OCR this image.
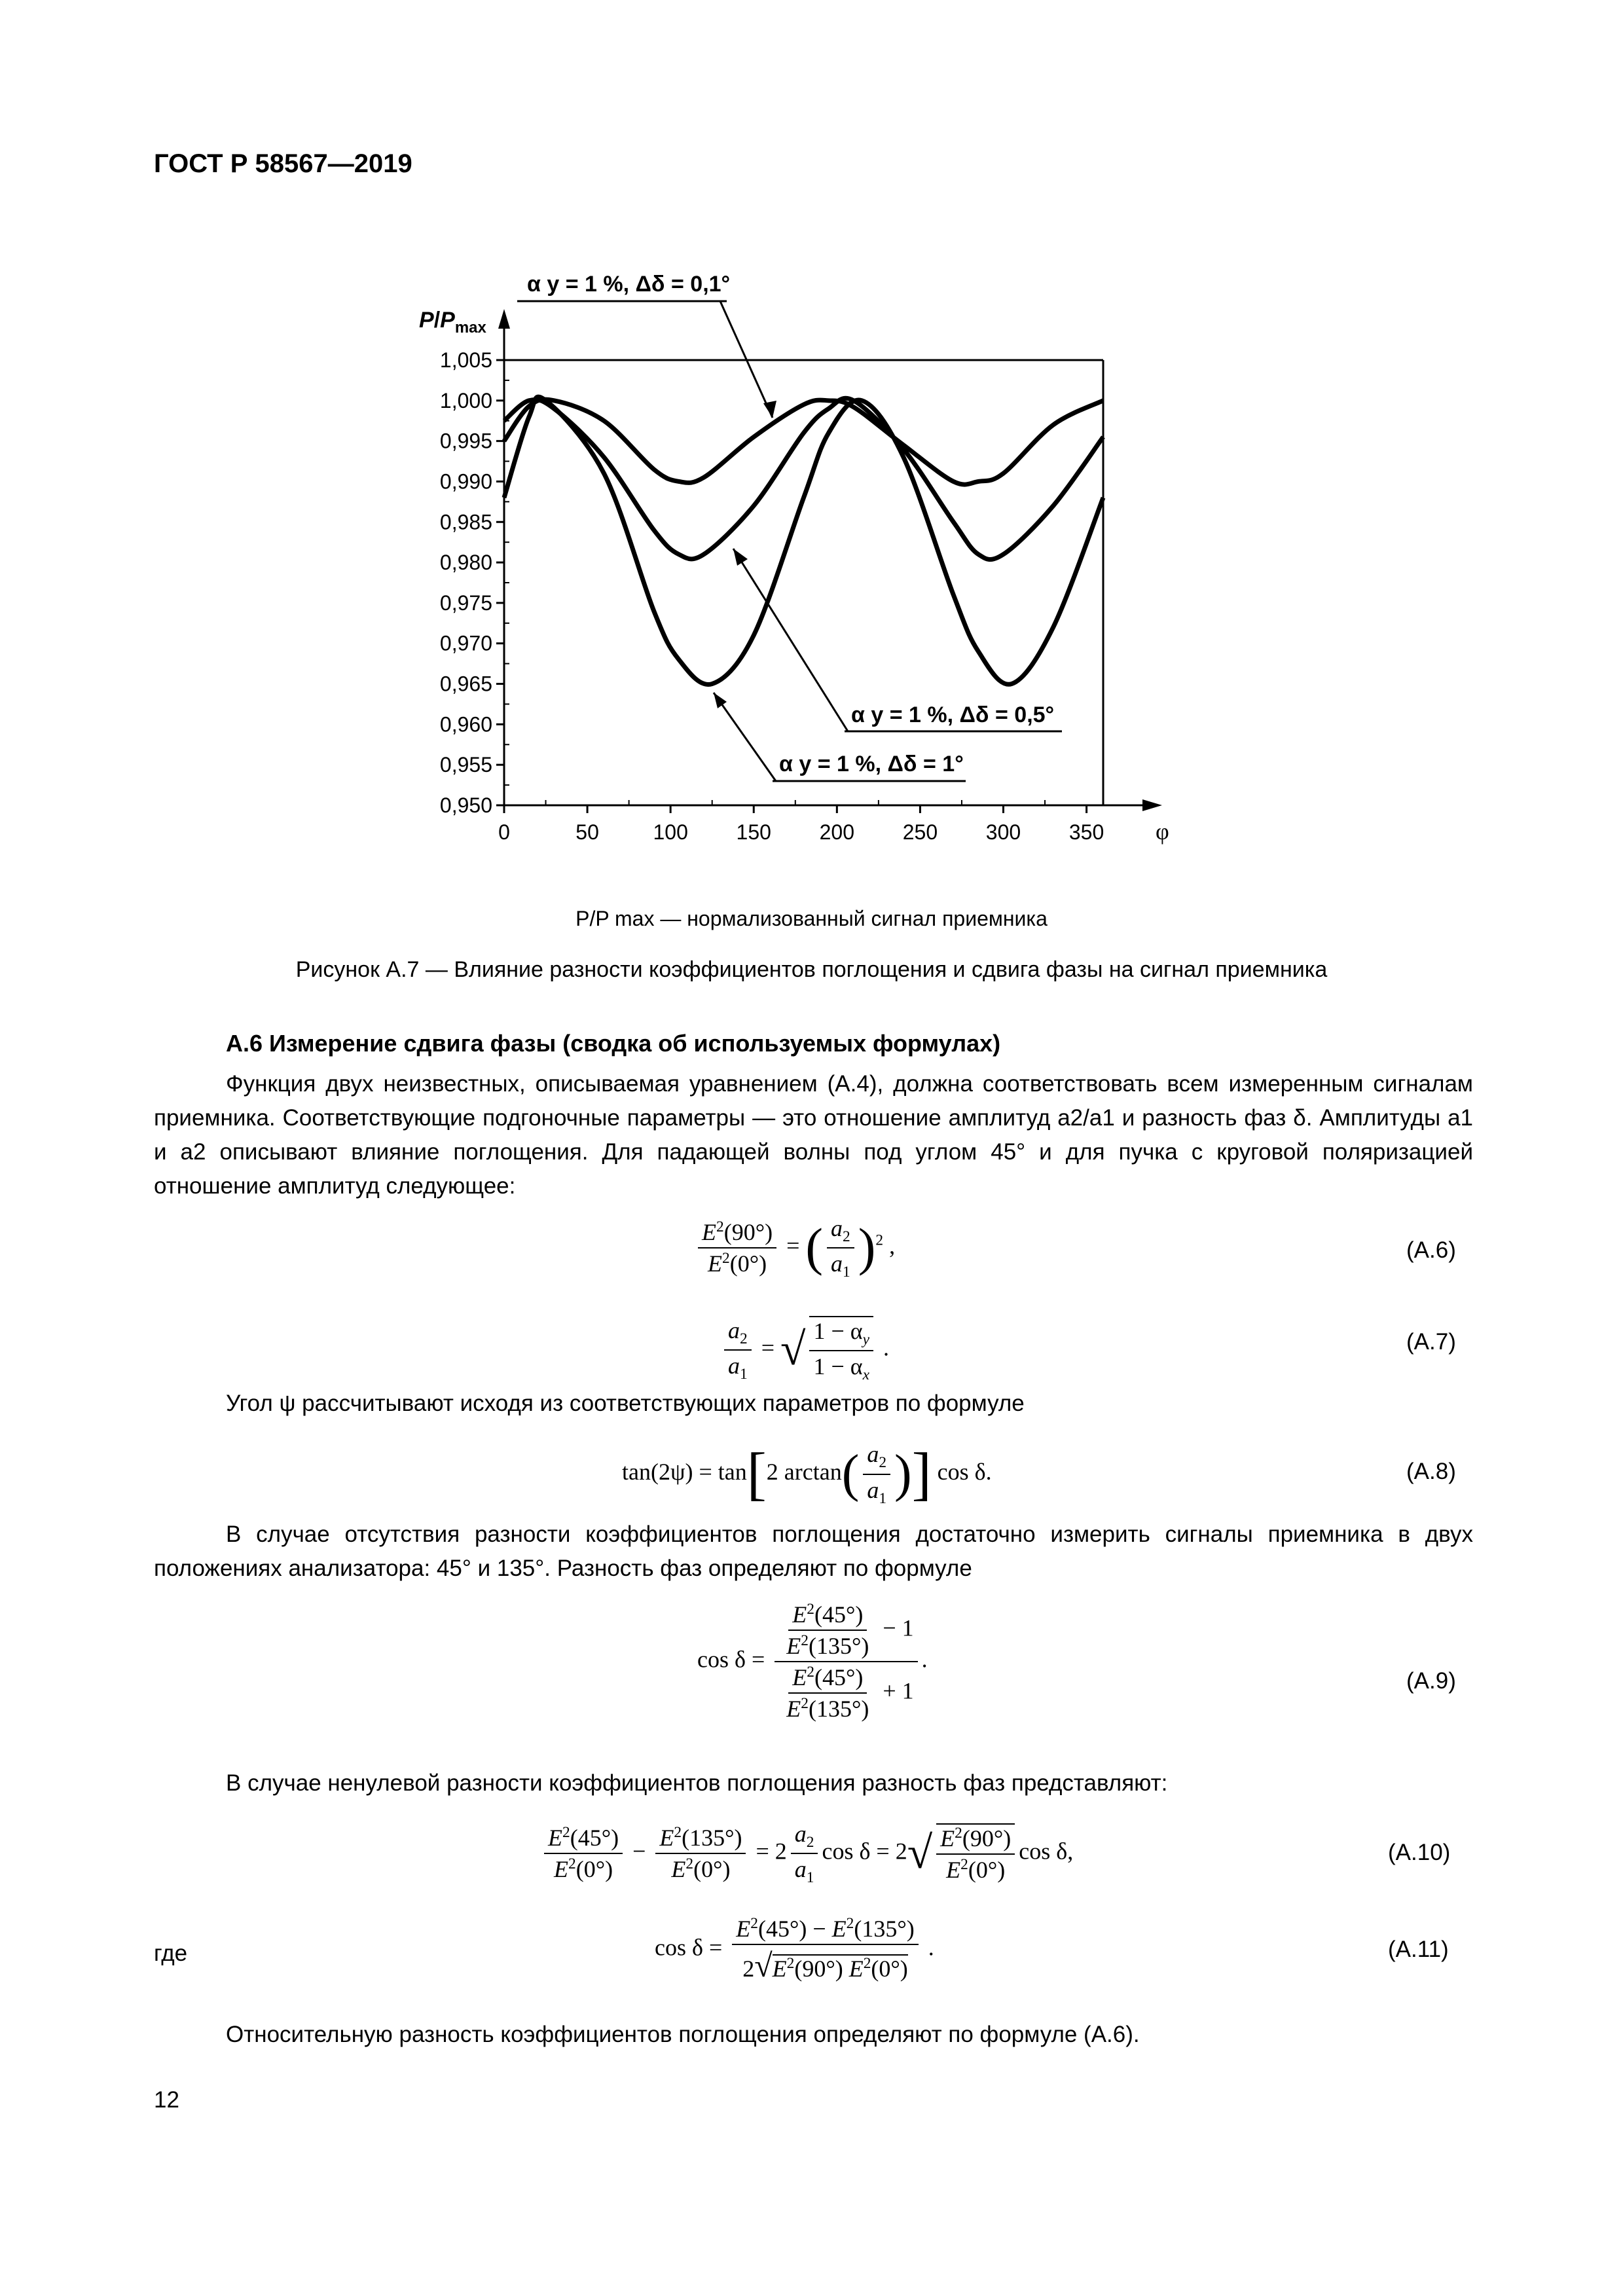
ГОСТ Р 58567—2019
1,005
1,000
0,995
0,990
0,985
0,980
0,975
0,970
0,965
0,960
0,955
0,950
0	50	100 150 200 250 300 350
$P/P_{max}$
φ
α y = 1 %, Δδ = 0,1°
α y = 1 %, Δδ = 0,5°
α y = 1 %, Δδ = 1°
P/P max — нормализованный сигнал приемника
Рисунок А.7 — Влияние разности коэффициентов поглощения и сдвига фазы на сигнал приемника
А.6 Измерение сдвига фазы (сводка об используемых формулах)

Функция двух неизвестных, описываемая уравнением (А.4), должна соответствовать всем измеренным сигналам приемника. Соответствующие подгоночные параметры — это отношение амплитуд a2/a1 и разность фаз δ. Амплитуды a1 и a2 описывают влияние поглощения. Для падающей волны под углом 45° и для пучка с круговой поляризацией отношение амплитуд следующее:

$\frac{E^2(90^\circ)}{E^2(0^\circ)}$ = ( $\frac{a_2}{a_1} )^2$ ,	(А.6)
$\frac{a_2}{a_1}$ = √ $\frac{1 - \alpha_y}{1 - \alpha_x}$ .	(А.7)

Угол ψ рассчитывают исходя из соответствующих параметров по формуле

tan(2ψ) = tan[2 $\arctan( \frac{a_2}{a_1}$ )] cos δ.	(А.8)

В случае отсутствия разности коэффициентов поглощения достаточно измерить сигналы приемника в двух положениях анализатора: 45° и 135°. Разность фаз определяют по формуле

$\cos \delta = \frac{\frac{E^2(45^\circ)}{E^2(135^\circ)} - 1}{\frac{E^2(45^\circ)}{E^2(135^\circ)} + 1}$ .
(А.9)

В случае ненулевой разности коэффициентов поглощения разность фаз представляют:

$\frac{E^2(45^\circ)}{E^2(0^\circ)} - \frac{E^2(135^\circ)}{E^2(0^\circ)} = 2 \frac{a_2}{a_1}$ $\cos \delta = 2√ \frac{E^2(90^\circ)}{E^2(0^\circ)}$ cos δ,	(А.10)
где	$\cos \delta = \frac{E^2(45^\circ) - E^2(135^\circ)}{2√E^2(90^\circ) E^2(0^\circ)}$ .	(А.11)

Относительную разность коэффициентов поглощения определяют по формуле (А.6).

12
